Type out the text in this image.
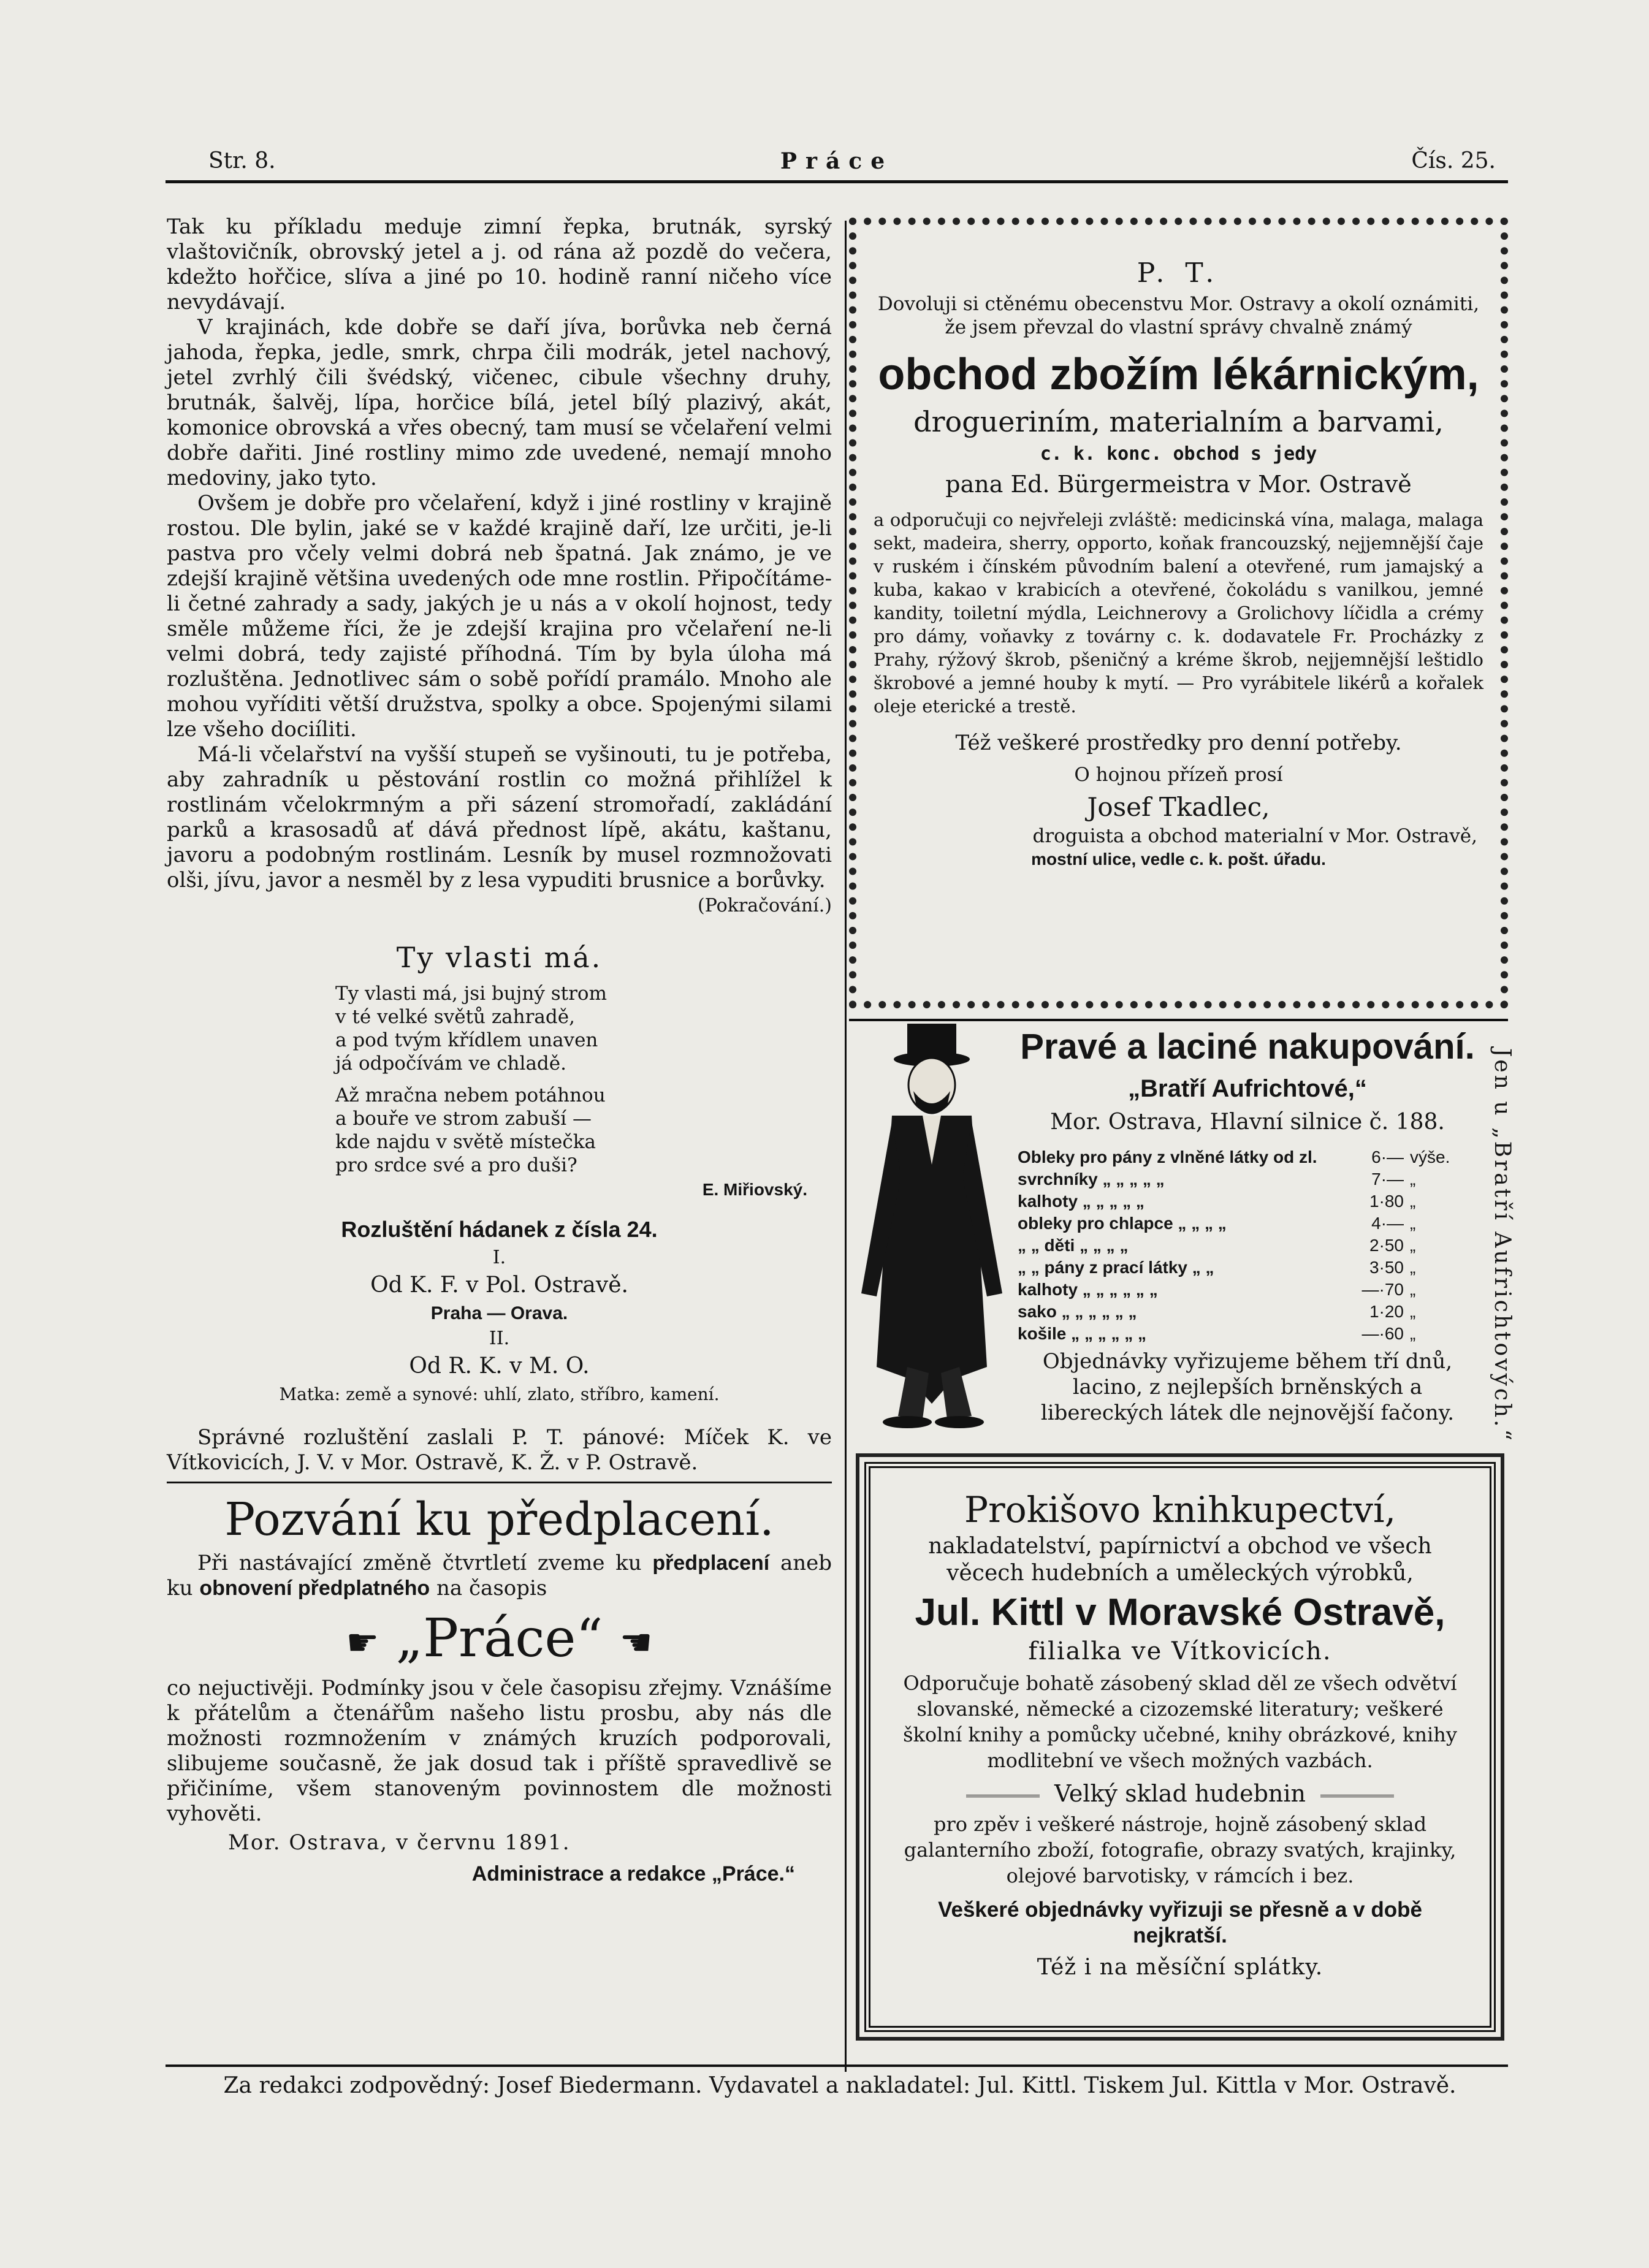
Str. 8.	Práce	Čís. 25.

Tak ku příkladu meduje zimní řepka, brutnák, syrský vlaštovičník, obrovský jetel a j. od rána až pozdě do večera, kdežto hořčice, slíva a jiné po 10. hodině ranní ničeho více nevydávají.

V krajinách, kde dobře se daří jíva, borůvka neb černá jahoda, řepka, jedle, smrk, chrpa čili modrák, jetel nachový, jetel zvrhlý čili švédský, vičenec, cibule všechny druhy, brutnák, šalvěj, lípa, horčice bílá, jetel bílý plazivý, akát, komonice obrovská a vřes obecný, tam musí se včelaření velmi dobře dařiti. Jiné rostliny mimo zde uvedené, nemají mnoho medoviny, jako tyto.

Ovšem je dobře pro včelaření, když i jiné rostliny v krajině rostou. Dle bylin, jaké se v každé krajině daří, lze určiti, je-li pastva pro včely velmi dobrá neb špatná. Jak známo, je ve zdejší krajině většina uvedených ode mne rostlin. Připočítáme-li četné zahrady a sady, jakých je u nás a v okolí hojnost, tedy směle můžeme říci, že je zdejší krajina pro včelaření ne-li velmi dobrá, tedy zajisté příhodná. Tím by byla úloha má rozluštěna. Jednotlivec sám o sobě pořídí pramálo. Mnoho ale mohou vyříditi větší družstva, spolky a obce. Spojenými silami lze všeho dociíliti.

Má-li včelařství na vyšší stupeň se vyšinouti, tu je potřeba, aby zahradník u pěstování rostlin co možná přihlížel k rostlinám včelokrmným a při sázení stromořadí, zakládání parků a krasosadů ať dává přednost lípě, akátu, kaštanu, javoru a podobným rostlinám. Lesník by musel rozmnožovati olši, jívu, javor a nesměl by z lesa vypuditi brusnice a borůvky.

(Pokračování.)
Ty vlasti má.
Ty vlasti má, jsi bujný strom
v té velké světů zahradě,
a pod tvým křídlem unaven
já odpočívám ve chladě.
Až mračna nebem potáhnou
a bouře ve strom zabuší —
kde najdu v světě místečka
pro srdce své a pro duši?
E. Miřiovský.
Rozluštění hádanek z čísla 24.
I.
Od K. F. v Pol. Ostravě.
Praha — Orava.
II.
Od R. K. v M. O.
Matka: země a synové: uhlí, zlato, stříbro, kamení.

Správné rozluštění zaslali P. T. pánové: Míček K. ve Vítkovicích, J. V. v Mor. Ostravě, K. Ž. v P. Ostravě.

Pozvání ku předplacení.

Při nastávající změně čtvrtletí zveme ku předplacení aneb ku obnovení předplatného na časopis

☛ „Práce“ ☚

co nejuctivěji. Podmínky jsou v čele časopisu zřejmy. Vznášíme k přátelům a čtenářům našeho listu prosbu, aby nás dle možnosti rozmnožením v známých kruzích podporovali, slibujeme současně, že jak dosud tak i příště spravedlivě se přičiníme, všem stanoveným povinnostem dle možnosti vyhověti.

Mor. Ostrava, v červnu 1891.
Administrace a redakce „Práce.“
P. T.
Dovoluji si ctěnému obecenstvu Mor. Ostravy a okolí oznámiti, že jsem převzal do vlastní správy chvalně známý
obchod zbožím lékárnickým,
drogueriním, materialním a barvami,
c. k. konc. obchod s jedy
pana Ed. Bürgermeistra v Mor. Ostravě
a odporučuji co nejvřeleji zvláště: medicinská vína, malaga, malaga sekt, madeira, sherry, opporto, koňak francouzský, nejjemnější čaje v ruském i čínském původním balení a otevřené, rum jamajský a kuba, kakao v krabicích a otevřené, čokoládu s vanilkou, jemné kandity, toiletní mýdla, Leichnerovy a Grolichovy líčidla a crémy pro dámy, voňavky z továrny c. k. dodavatele Fr. Procházky z Prahy, rýžový škrob, pšeničný a kréme škrob, nejjemnější leštidlo škrobové a jemné houby k mytí. — Pro vyrábitele likérů a kořalek oleje eterické a trestě.
Též veškeré prostředky pro denní potřeby.
O hojnou přízeň prosí
Josef Tkadlec,
droguista a obchod materialní v Mor. Ostravě,
mostní ulice, vedle c. k. pošt. úřadu.
Pravé a laciné nakupování.
„Bratří Aufrichtové,“
Mor. Ostrava, Hlavní silnice č. 188.
Obleky pro pány z vlněné látky od zl.	6·— výše.
svrchníky „ „ „ „ „	7·— „
kalhoty „ „ „ „ „	1·80 „
obleky pro chlapce „ „ „ „	4·— „
„ „ děti „ „ „ „	2·50 „
„ „ pány z prací látky „ „	3·50 „
kalhoty „ „ „ „ „ „	—·70 „
sako „ „ „ „ „ „	1·20 „
košile „ „ „ „ „ „	—·60 „
Objednávky vyřizujeme během tří dnů, lacino, z nejlepších brněnských a libereckých látek dle nejnovější fačony.	Jen u „Bratří Aufrichtových.“
Prokišovo knihkupectví,
nakladatelství, papírnictví a obchod ve všech věcech hudebních a uměleckých výrobků,
Jul. Kittl v Moravské Ostravě,
filialka ve Vítkovicích.
Odporučuje bohatě zásobený sklad děl ze všech odvětví slovanské, německé a cizozemské literatury; veškeré školní knihy a pomůcky učebné, knihy obrázkové, knihy modlitební ve všech možných vazbách.
Velký sklad hudebnin
pro zpěv i veškeré nástroje, hojně zásobený sklad galanterního zboží, fotografie, obrazy svatých, krajinky, olejové barvotisky, v rámcích i bez.
Veškeré objednávky vyřizuji se přesně a v době nejkratší.
Též i na měsíční splátky.
Za redakci zodpovědný: Josef Biedermann. Vydavatel a nakladatel: Jul. Kittl. Tiskem Jul. Kittla v Mor. Ostravě.
